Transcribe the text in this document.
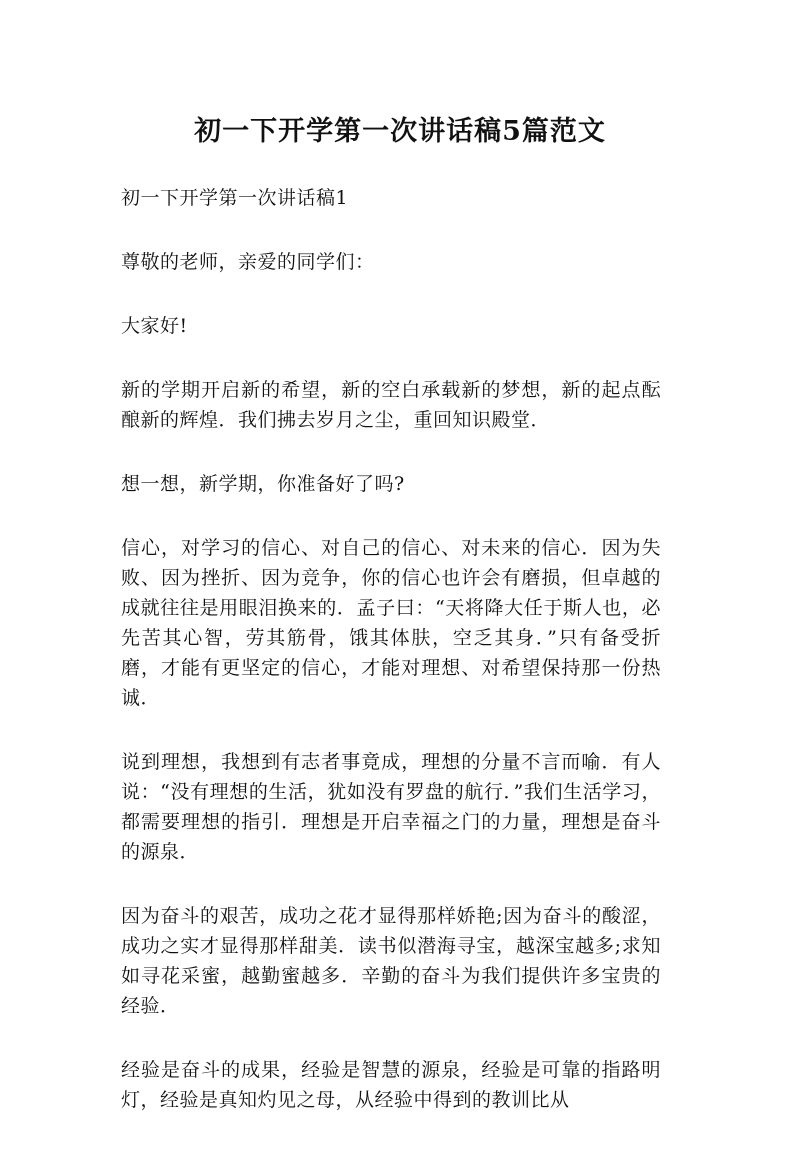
初一下开学第一次讲话稿5篇范文

初一下开学第一次讲话稿1

尊敬的老师，亲爱的同学们：

大家好!

新的学期开启新的希望，新的空白承载新的梦想，新的起点酝酿新的辉煌．我们拂去岁月之尘，重回知识殿堂．

想一想，新学期，你准备好了吗?

信心，对学习的信心、对自己的信心、对未来的信心．因为失败、因为挫折、因为竞争，你的信心也许会有磨损，但卓越的成就往往是用眼泪换来的．孟子曰：“天将降大任于斯人也，必先苦其心智，劳其筋骨，饿其体肤，空乏其身．”只有备受折磨，才能有更坚定的信心，才能对理想、对希望保持那一份热诚．

说到理想，我想到有志者事竟成，理想的分量不言而喻．有人说：“没有理想的生活，犹如没有罗盘的航行．”我们生活学习，都需要理想的指引．理想是开启幸福之门的力量，理想是奋斗的源泉．

因为奋斗的艰苦，成功之花才显得那样娇艳;因为奋斗的酸涩，成功之实才显得那样甜美．读书似潜海寻宝，越深宝越多;求知如寻花采蜜，越勤蜜越多．辛勤的奋斗为我们提供许多宝贵的经验．

经验是奋斗的成果，经验是智慧的源泉，经验是可靠的指路明灯，经验是真知灼见之母，从经验中得到的教训比从
